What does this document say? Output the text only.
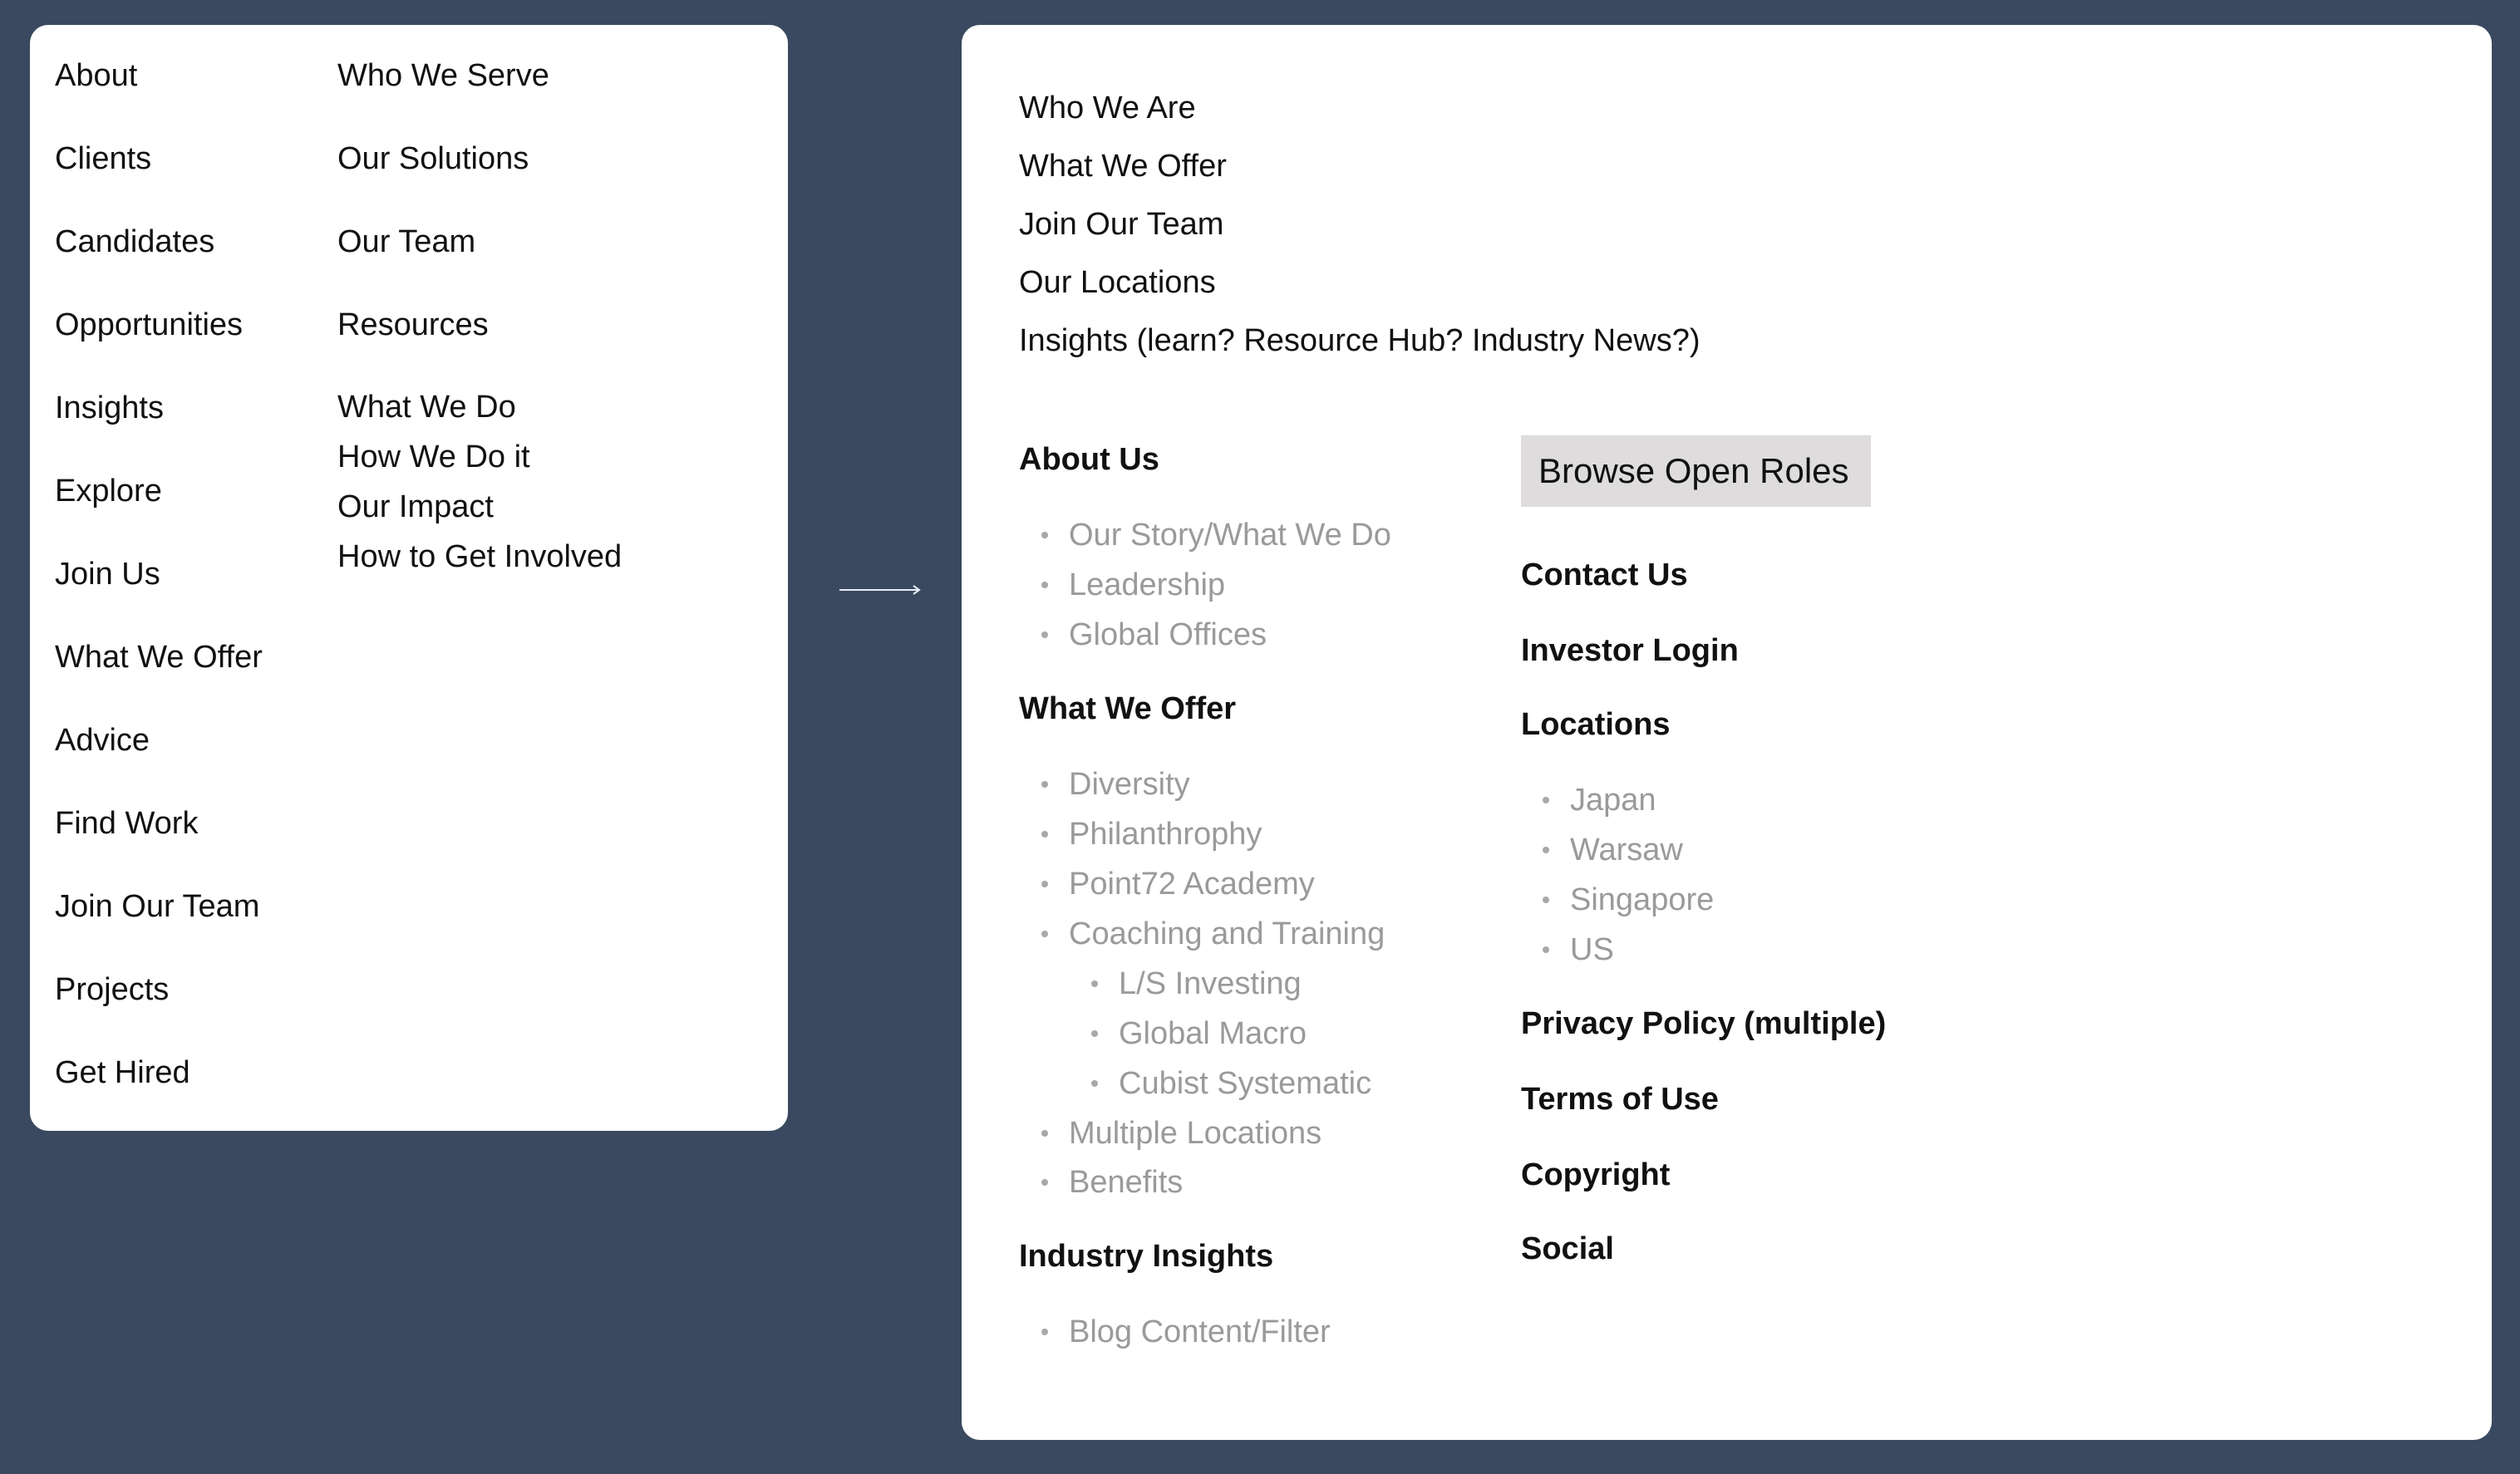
Browse Open Roles
About
Clients
Candidates
Opportunities
Insights
Explore
Join Us
What We Offer
Advice
Find Work
Join Our Team
Projects
Get Hired
Who We Serve
Our Solutions
Our Team
Resources
What We Do
How We Do it
Our Impact
How to Get Involved
Who We Are
What We Offer
Join Our Team
Our Locations
Insights (learn? Resource Hub? Industry News?)
About Us
Our Story/What We Do
Leadership
Global Offices
What We Offer
Diversity
Philanthrophy
Point72 Academy
Coaching and Training
L/S Investing
Global Macro
Cubist Systematic
Multiple Locations
Benefits
Industry Insights
Blog Content/Filter
Contact Us
Investor Login
Locations
Japan
Warsaw
Singapore
US
Privacy Policy (multiple)
Terms of Use
Copyright
Social
